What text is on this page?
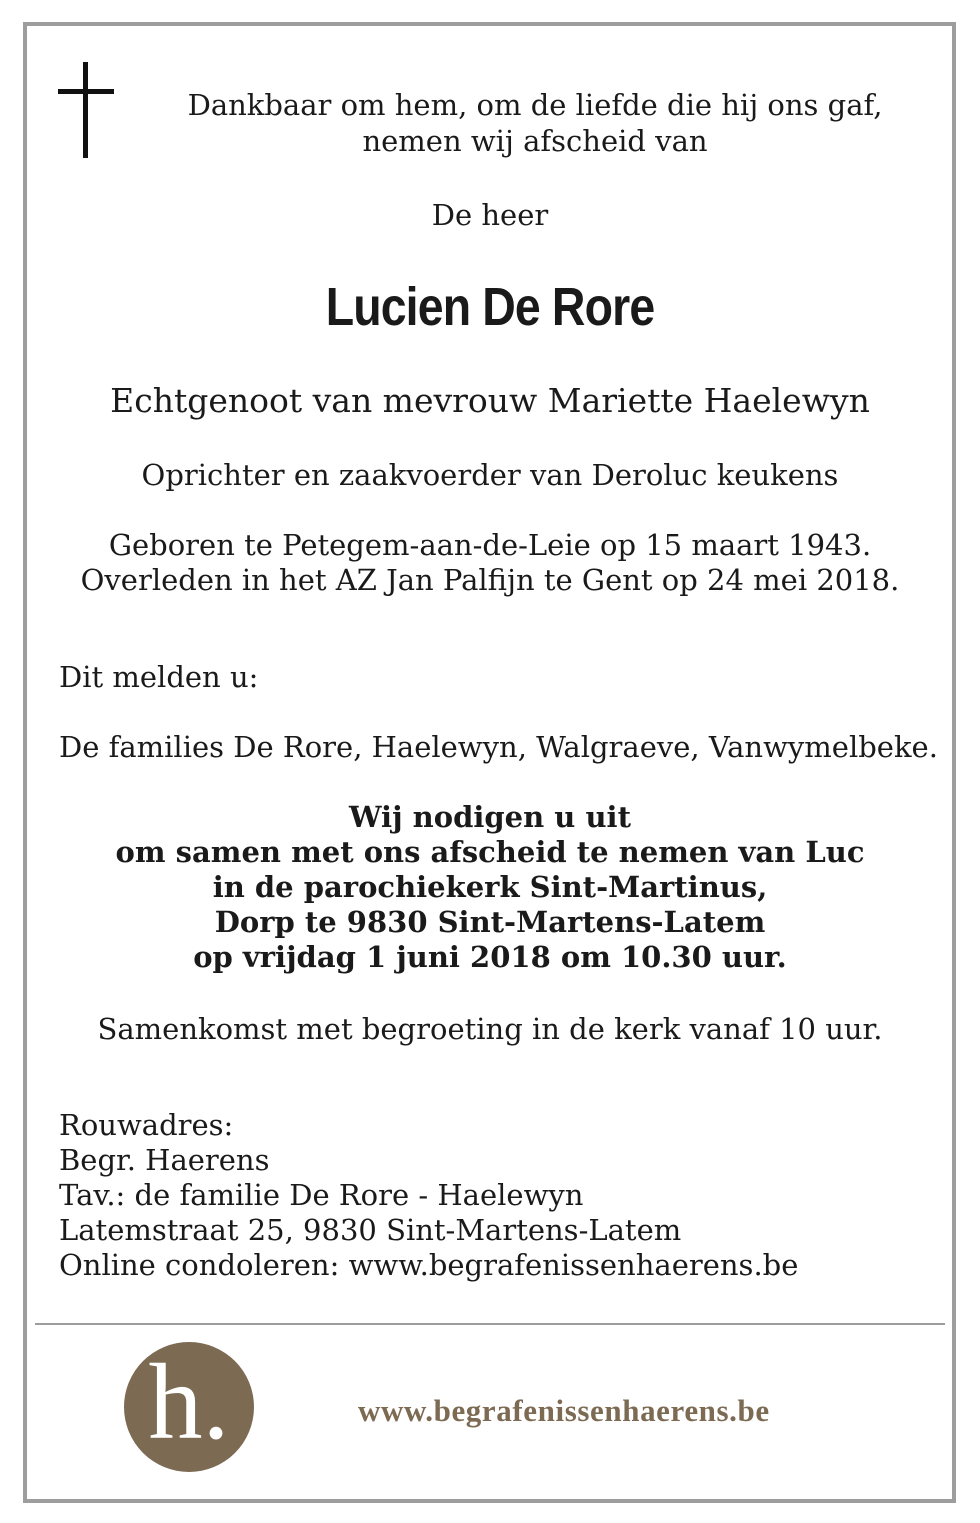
Dankbaar om hem, om de liefde die hij ons gaf,
nemen wij afscheid van
De heer
Lucien De Rore
Echtgenoot van mevrouw Mariette Haelewyn
Oprichter en zaakvoerder van Deroluc keukens
Geboren te Petegem-aan-de-Leie op 15 maart 1943.
Overleden in het AZ Jan Palfijn te Gent op 24 mei 2018.
Dit melden u:
De families De Rore, Haelewyn, Walgraeve, Vanwymelbeke.
Wij nodigen u uit
om samen met ons afscheid te nemen van Luc
in de parochiekerk Sint-Martinus,
Dorp te 9830 Sint-Martens-Latem
op vrijdag 1 juni 2018 om 10.30 uur.
Samenkomst met begroeting in de kerk vanaf 10 uur.
Rouwadres:
Begr. Haerens
Tav.: de familie De Rore - Haelewyn
Latemstraat 25, 9830 Sint-Martens-Latem
Online condoleren: www.begrafenissenhaerens.be
h.	www.begrafenissenhaerens.be
